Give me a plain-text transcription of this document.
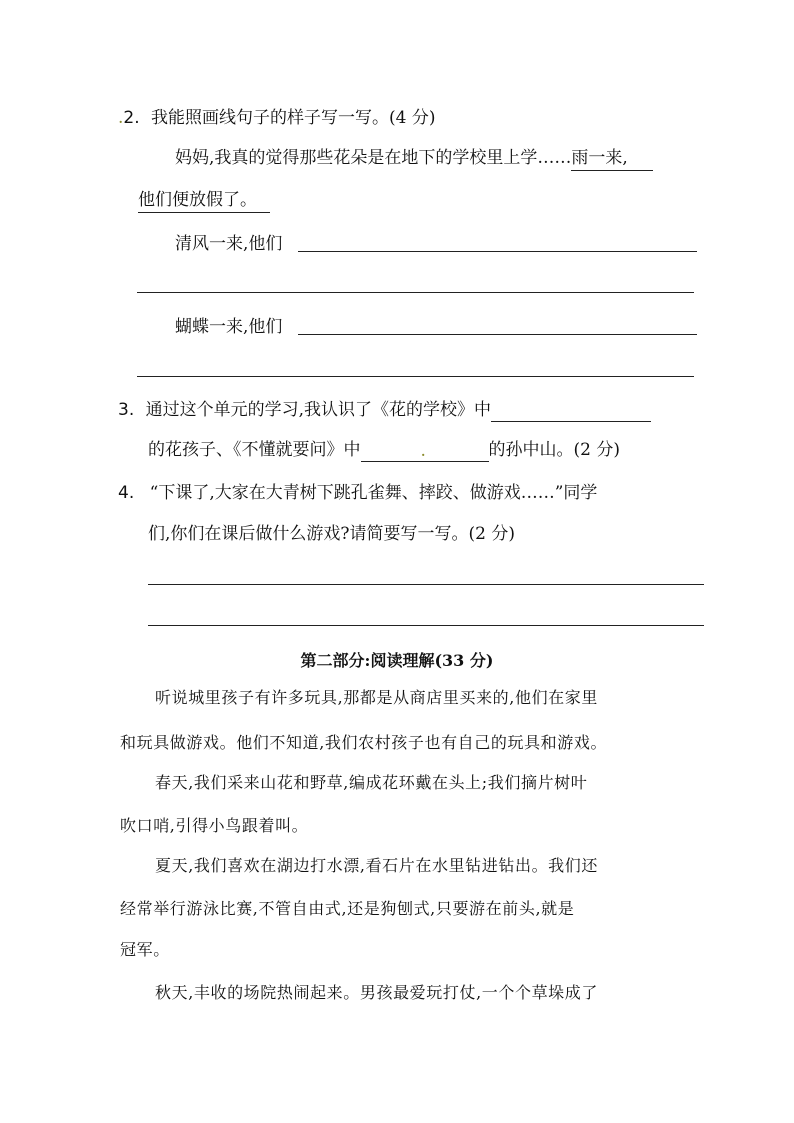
.2. 我能照画线句子的样子写一写。(4 分)
妈妈,我真的觉得那些花朵是在地下的学校里上学……雨一来,
他们便放假了。
清风一来,他们
蝴蝶一来,他们
3. 通过这个单元的学习,我认识了《花的学校》中
的花孩子、《不懂就要问》中	.	的孙中山。(2 分)
4. “下课了,大家在大青树下跳孔雀舞、摔跤、做游戏……”同学
们,你们在课后做什么游戏?请简要写一写。(2 分)
第二部分:阅读理解(33 分)
听说城里孩子有许多玩具,那都是从商店里买来的,他们在家里
和玩具做游戏。他们不知道,我们农村孩子也有自己的玩具和游戏。
春天,我们采来山花和野草,编成花环戴在头上;我们摘片树叶
吹口哨,引得小鸟跟着叫。
夏天,我们喜欢在湖边打水漂,看石片在水里钻进钻出。我们还
经常举行游泳比赛,不管自由式,还是狗刨式,只要游在前头,就是
冠军。
秋天,丰收的场院热闹起来。男孩最爱玩打仗,一个个草垛成了
